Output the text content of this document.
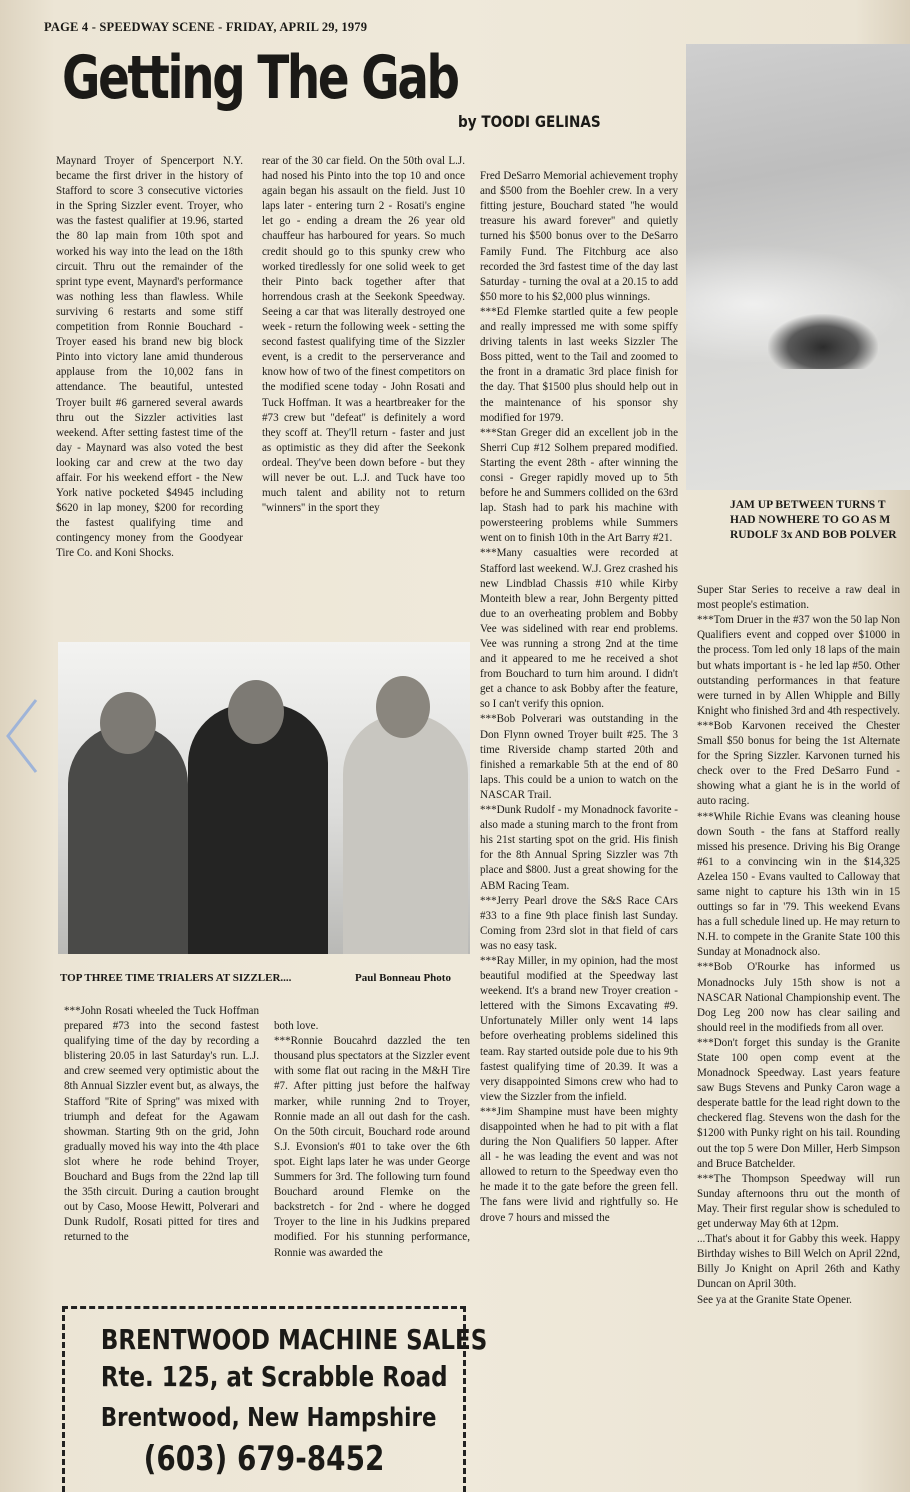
PAGE 4 - SPEEDWAY SCENE - FRIDAY, APRIL 29, 1979
Getting The Gab
by TOODI GELINAS
JAM UP BETWEEN TURNS T
HAD NOWHERE TO GO AS M
RUDOLF 3x AND BOB POLVER

Maynard Troyer of Spencerport N.Y. became the first driver in the history of Stafford to score 3 consecutive victories in the Spring Sizzler event. Troyer, who was the fastest qualifier at 19.96, started the 80 lap main from 10th spot and worked his way into the lead on the 18th circuit. Thru out the remainder of the sprint type event, Maynard's performance was nothing less than flawless. While surviving 6 restarts and some stiff competition from Ronnie Bouchard - Troyer eased his brand new big block Pinto into victory lane amid thunderous applause from the 10,002 fans in attendance. The beautiful, untested Troyer built #6 garnered several awards thru out the Sizzler activities last weekend. After setting fastest time of the day - Maynard was also voted the best looking car and crew at the two day affair. For his weekend effort - the New York native pocketed $4945 including $620 in lap money, $200 for recording the fastest qualifying time and contingency money from the Goodyear Tire Co. and Koni Shocks.

rear of the 30 car field. On the 50th oval L.J. had nosed his Pinto into the top 10 and once again began his assault on the field. Just 10 laps later - entering turn 2 - Rosati's engine let go - ending a dream the 26 year old chauffeur has harboured for years. So much credit should go to this spunky crew who worked tiredlessly for one solid week to get their Pinto back together after that horrendous crash at the Seekonk Speedway. Seeing a car that was literally destroyed one week - return the following week - setting the second fastest qualifying time of the Sizzler event, is a credit to the perserverance and know how of two of the finest competitors on the modified scene today - John Rosati and Tuck Hoffman. It was a heartbreaker for the #73 crew but ''defeat'' is definitely a word they scoff at. They'll return - faster and just as optimistic as they did after the Seekonk ordeal. They've been down before - but they will never be out. L.J. and Tuck have too much talent and ability not to return ''winners'' in the sport they

Fred DeSarro Memorial achievement trophy and $500 from the Boehler crew. In a very fitting jesture, Bouchard stated ''he would treasure his award forever'' and quietly turned his $500 bonus over to the DeSarro Family Fund. The Fitchburg ace also recorded the 3rd fastest time of the day last Saturday - turning the oval at a 20.15 to add $50 more to his $2,000 plus winnings.
***Ed Flemke startled quite a few people and really impressed me with some spiffy driving talents in last weeks Sizzler The Boss pitted, went to the Tail and zoomed to the front in a dramatic 3rd place finish for the day. That $1500 plus should help out in the maintenance of his sponsor shy modified for 1979.
***Stan Greger did an excellent job in the Sherri Cup #12 Solhem prepared modified. Starting the event 28th - after winning the consi - Greger rapidly moved up to 5th before he and Summers collided on the 63rd lap. Stash had to park his machine with powersteering problems while Summers went on to finish 10th in the Art Barry #21.
***Many casualties were recorded at Stafford last weekend. W.J. Grez crashed his new Lindblad Chassis #10 while Kirby Monteith blew a rear, John Bergenty pitted due to an overheating problem and Bobby Vee was sidelined with rear end problems. Vee was running a strong 2nd at the time and it appeared to me he received a shot from Bouchard to turn him around. I didn't get a chance to ask Bobby after the feature, so I can't verify this opnion.
***Bob Polverari was outstanding in the Don Flynn owned Troyer built #25. The 3 time Riverside champ started 20th and finished a remarkable 5th at the end of 80 laps. This could be a union to watch on the NASCAR Trail.
***Dunk Rudolf - my Monadnock favorite - also made a stuning march to the front from his 21st starting spot on the grid. His finish for the 8th Annual Spring Sizzler was 7th place and $800. Just a great showing for the ABM Racing Team.
***Jerry Pearl drove the S&S Race CArs #33 to a fine 9th place finish last Sunday. Coming from 23rd slot in that field of cars was no easy task.
***Ray Miller, in my opinion, had the most beautiful modified at the Speedway last weekend. It's a brand new Troyer creation - lettered with the Simons Excavating #9. Unfortunately Miller only went 14 laps before overheating problems sidelined this team. Ray started outside pole due to his 9th fastest qualifying time of 20.39. It was a very disappointed Simons crew who had to view the Sizzler from the infield.
***Jim Shampine must have been mighty disappointed when he had to pit with a flat during the Non Qualifiers 50 lapper. After all - he was leading the event and was not allowed to return to the Speedway even tho he made it to the gate before the green fell. The fans were livid and rightfully so. He drove 7 hours and missed the

Super Star Series to receive a raw deal in most people's estimation.
***Tom Druer in the #37 won the 50 lap Non Qualifiers event and copped over $1000 in the process. Tom led only 18 laps of the main but whats important is - he led lap #50. Other outstanding performances in that feature were turned in by Allen Whipple and Billy Knight who finished 3rd and 4th respectively.
***Bob Karvonen received the Chester Small $50 bonus for being the 1st Alternate for the Spring Sizzler. Karvonen turned his check over to the Fred DeSarro Fund - showing what a giant he is in the world of auto racing.
***While Richie Evans was cleaning house down South - the fans at Stafford really missed his presence. Driving his Big Orange #61 to a convincing win in the $14,325 Azelea 150 - Evans vaulted to Calloway that same night to capture his 13th win in 15 outtings so far in '79. This weekend Evans has a full schedule lined up. He may return to N.H. to compete in the Granite State 100 this Sunday at Monadnock also.
***Bob O'Rourke has informed us Monadnocks July 15th show is not a NASCAR National Championship event. The Dog Leg 200 now has clear sailing and should reel in the modifieds from all over.
***Don't forget this sunday is the Granite State 100 open comp event at the Monadnock Speedway. Last years feature saw Bugs Stevens and Punky Caron wage a desperate battle for the lead right down to the checkered flag. Stevens won the dash for the $1200 with Punky right on his tail. Rounding out the top 5 were Don Miller, Herb Simpson and Bruce Batchelder.
***The Thompson Speedway will run Sunday afternoons thru out the month of May. Their first regular show is scheduled to get underway May 6th at 12pm.
...That's about it for Gabby this week. Happy Birthday wishes to Bill Welch on April 22nd, Billy Jo Knight on April 26th and Kathy Duncan on April 30th.
See ya at the Granite State Opener.

TOP THREE TIME TRIALERS AT SIZZLER....	Paul Bonneau Photo

***John Rosati wheeled the Tuck Hoffman prepared #73 into the second fastest qualifying time of the day by recording a blistering 20.05 in last Saturday's run. L.J. and crew seemed very optimistic about the 8th Annual Sizzler event but, as always, the Stafford ''Rite of Spring'' was mixed with triumph and defeat for the Agawam showman. Starting 9th on the grid, John gradually moved his way into the 4th place slot where he rode behind Troyer, Bouchard and Bugs from the 22nd lap till the 35th circuit. During a caution brought out by Caso, Moose Hewitt, Polverari and Dunk Rudolf, Rosati pitted for tires and returned to the

both love.
***Ronnie Boucahrd dazzled the ten thousand plus spectators at the Sizzler event with some flat out racing in the M&H Tire #7. After pitting just before the halfway marker, while running 2nd to Troyer, Ronnie made an all out dash for the cash. On the 50th circuit, Bouchard rode around S.J. Evonsion's #01 to take over the 6th spot. Eight laps later he was under George Summers for 3rd. The following turn found Bouchard around Flemke on the backstretch - for 2nd - where he dogged Troyer to the line in his Judkins prepared modified. For his stunning performance, Ronnie was awarded the

BRENTWOOD MACHINE SALES
Rte. 125, at Scrabble Road
Brentwood, New Hampshire
(603) 679-8452
